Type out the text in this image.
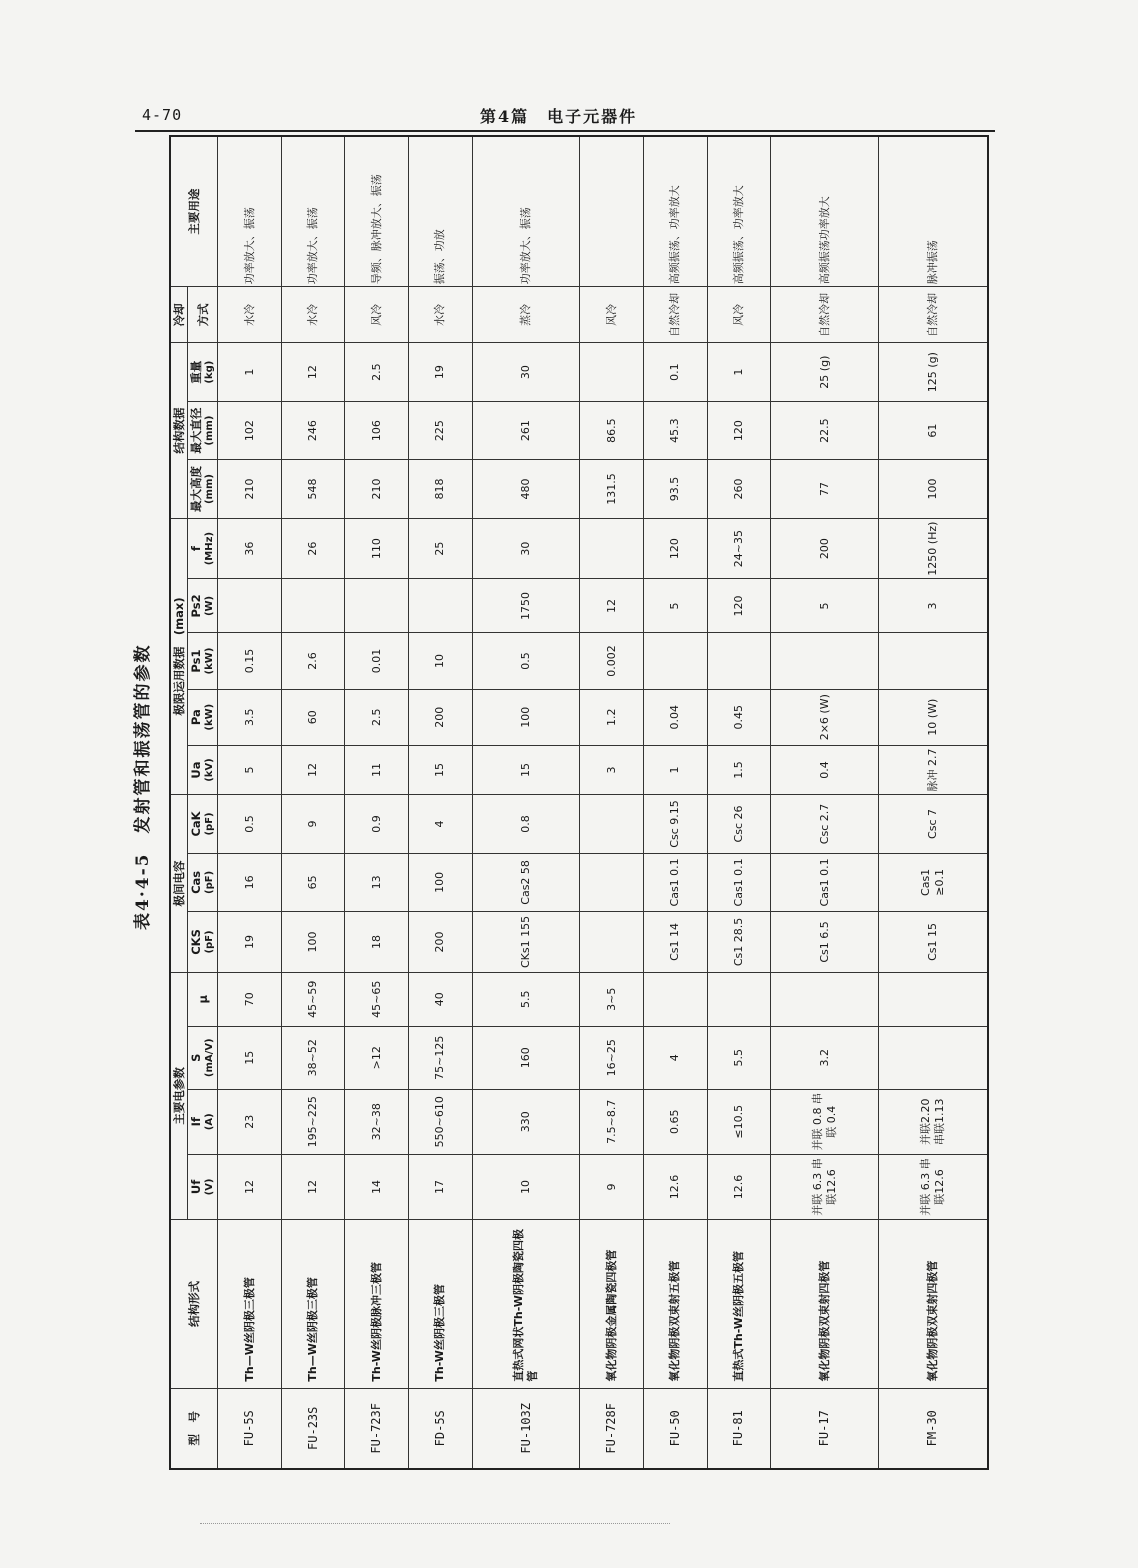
4-70	第4篇　电子元器件
表4·4-5　发射管和振荡管的参数
型　号	结构形式	主要电参数				极间电容			极限运用数据　(max)					结构数据			冷却	主要用途
		Uf (V)	If (A)	S (mA/V)	μ	CKS (pF)	Cas (pF)	CaK (pF)	Ua (kV)	Pa (kW)	Ps1 (kW)	Ps2 (W)	f (MHz)	最大高度 (mm)	最大直径 (mm)	重量 (kg)	方式	
FU-5S	Th—W丝阴极三极管	12	23	15	70	19	16	0.5	5	3.5	0.15		36	210	102	1	水冷	功率放大、振荡
FU-23S	Th—W丝阴极三极管	12	195~225	38~52	45~59	100	65	9	12	60	2.6		26	548	246	12	水冷	功率放大、振荡
FU-723F	Th-W丝阴极脉冲三极管	14	32~38	>12	45~65	18	13	0.9	11	2.5	0.01		110	210	106	2.5	风冷	导频、脉冲放大、振荡
FD-5S	Th-W丝阴极三极管	17	550~610	75~125	40	200	100	4	15	200	10		25	818	225	19	水冷	振荡、功放
FU-103Z	直热式网状Th-W阴极陶瓷四极管	10	330	160	5.5	CKs1 155	Cas2 58	0.8	15	100	0.5	1750	30	480	261	30	蒸冷	功率放大、振荡
FU-728F	氧化物阴极金属陶瓷四极管	9	7.5~8.7	16~25	3~5				3	1.2	0.002	12		131.5	86.5		风冷	
FU-50	氧化物阴极双束射五极管	12.6	0.65	4		Cs1 14	Cas1 0.1	Csc 9.15	1	0.04		5	120	93.5	45.3	0.1	自然冷却	高频振荡、功率放大
FU-81	直热式Th-W丝阴极五极管	12.6	≤10.5	5.5		Cs1 28.5	Cas1 0.1	Csc 26	1.5	0.45		120	24~35	260	120	1	风冷	高频振荡、功率放大
FU-17	氧化物阴极双束射四极管	并联 6.3 串联12.6	并联 0.8 串联 0.4	3.2		Cs1 6.5	Cas1 0.1	Csc 2.7	0.4	2×6 (W)		5	200	77	22.5	25 (g)	自然冷却	高频振荡功率放大
FM-30	氧化物阴极双束射四极管	并联 6.3 串联12.6	并联2.20 串联1.13			Cs1 15	Cas1 ≥0.1	Csc 7	脉冲 2.7	10 (W)		3	1250 (Hz)	100	61	125 (g)	自然冷却	脉冲振荡
